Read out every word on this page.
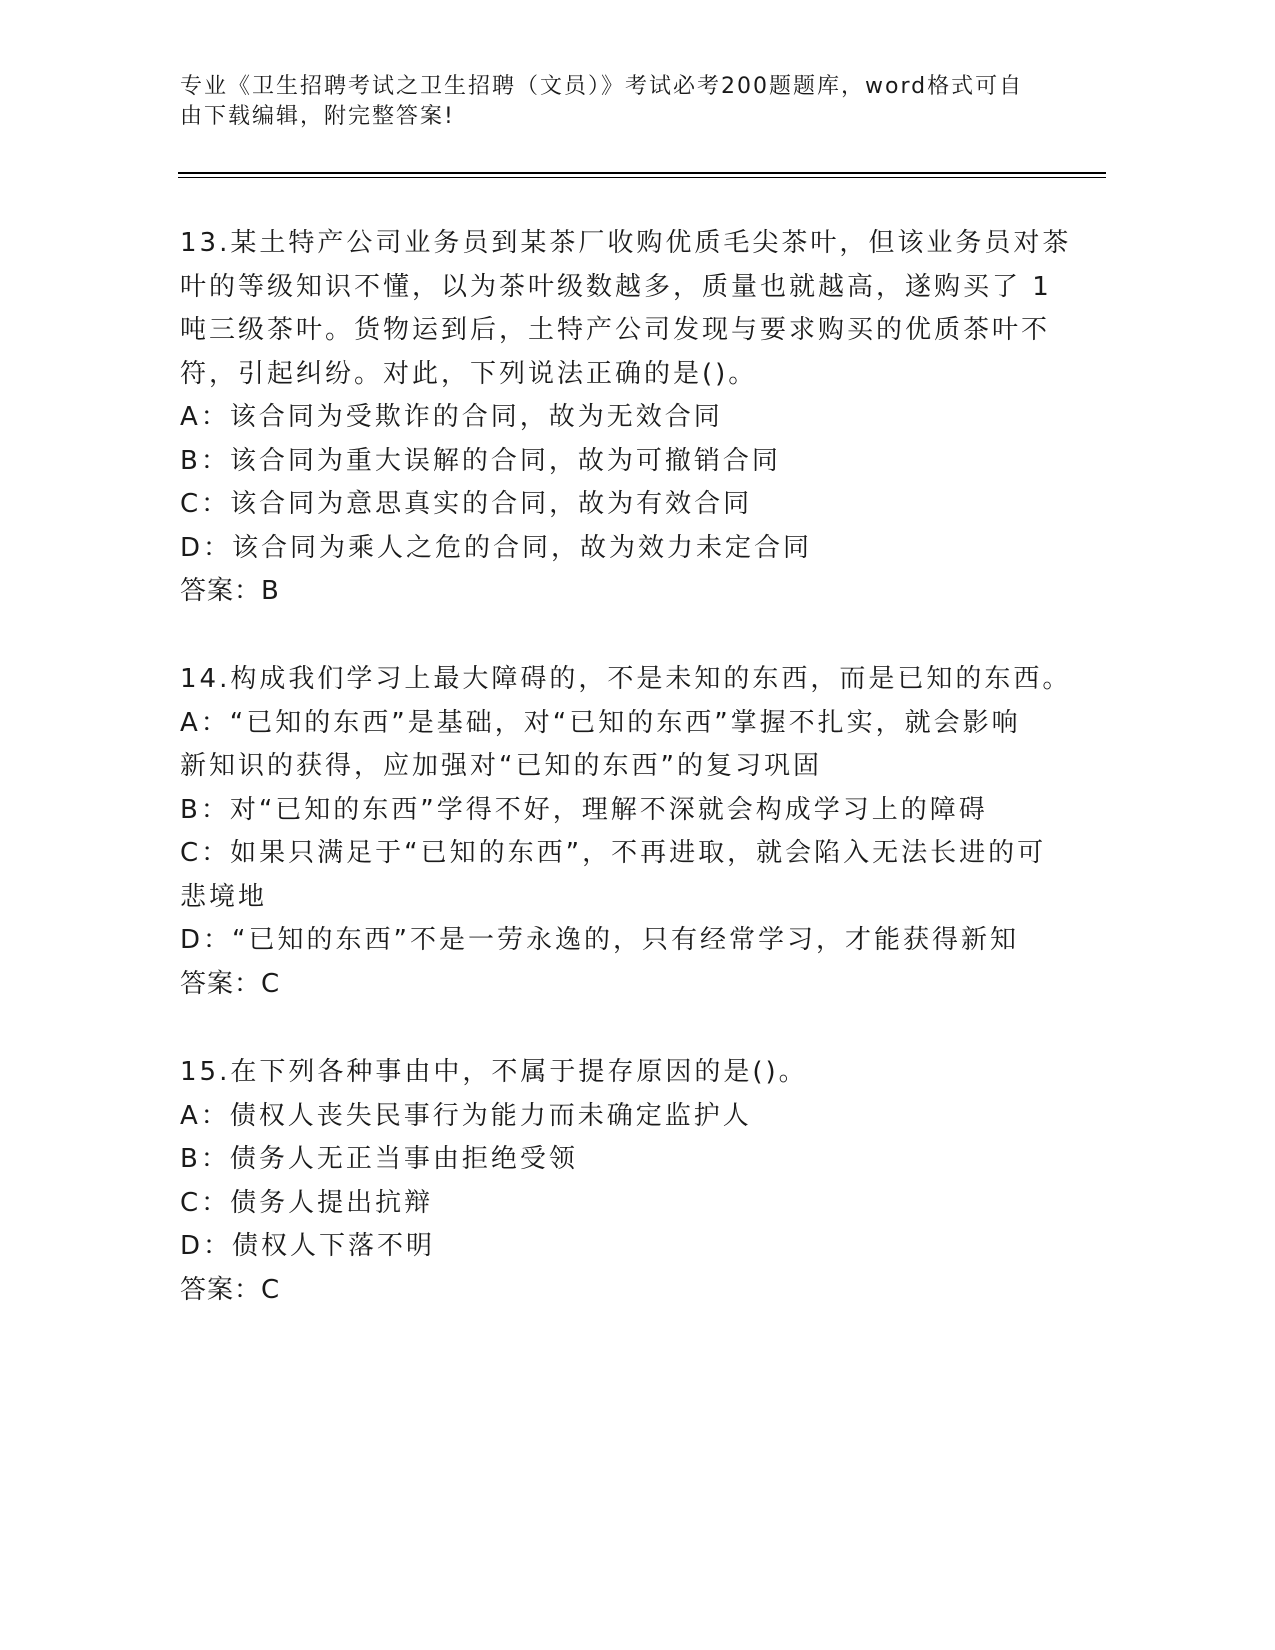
专业《卫生招聘考试之卫生招聘（文员）》考试必考200题题库，word格式可自
由下载编辑，附完整答案!
13.某土特产公司业务员到某茶厂收购优质毛尖茶叶，但该业务员对茶
叶的等级知识不懂，以为茶叶级数越多，质量也就越高，遂购买了 1
吨三级茶叶。货物运到后，土特产公司发现与要求购买的优质茶叶不
符，引起纠纷。对此，下列说法正确的是()。
A：该合同为受欺诈的合同，故为无效合同
B：该合同为重大误解的合同，故为可撤销合同
C：该合同为意思真实的合同，故为有效合同
D：该合同为乘人之危的合同，故为效力未定合同
答案：B
14.构成我们学习上最大障碍的，不是未知的东西，而是已知的东西。
A：“已知的东西”是基础，对“已知的东西”掌握不扎实，就会影响
新知识的获得，应加强对“已知的东西”的复习巩固
B：对“已知的东西”学得不好，理解不深就会构成学习上的障碍
C：如果只满足于“已知的东西”，不再进取，就会陷入无法长进的可
悲境地
D：“已知的东西”不是一劳永逸的，只有经常学习，才能获得新知
答案：C
15.在下列各种事由中，不属于提存原因的是()。
A：债权人丧失民事行为能力而未确定监护人
B：债务人无正当事由拒绝受领
C：债务人提出抗辩
D：债权人下落不明
答案：C
